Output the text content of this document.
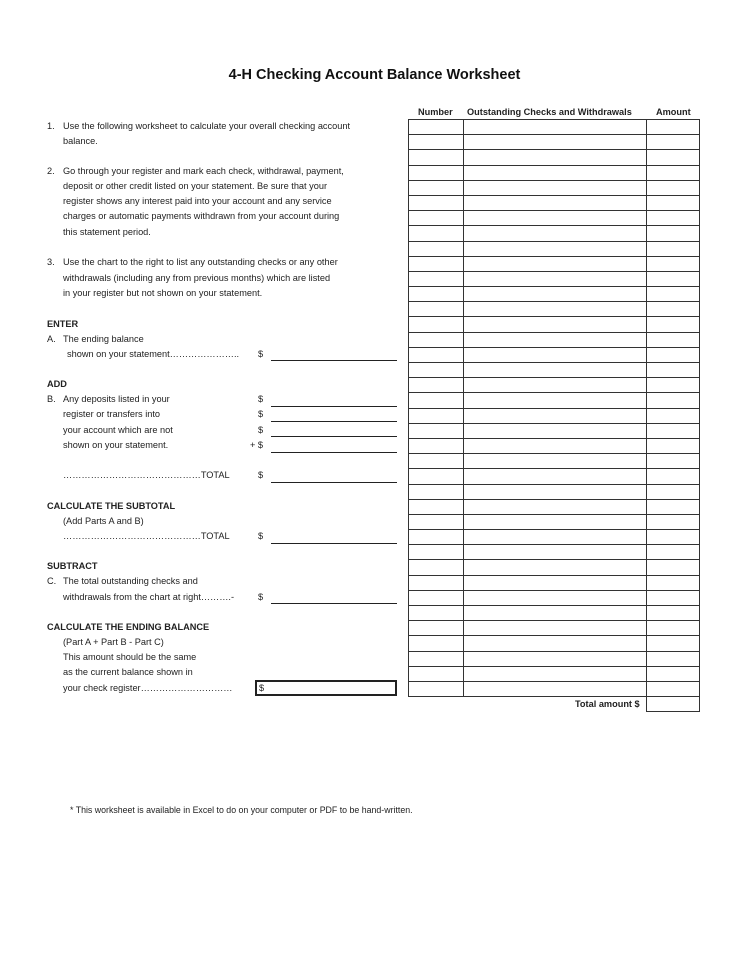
4-H Checking Account Balance Worksheet
1. Use the following worksheet to calculate your overall checking account
balance.
2. Go through your register and mark each check, withdrawal, payment,
deposit or other credit listed on your statement. Be sure that your
register shows any interest paid into your account and any service
charges or automatic payments withdrawn from your account during
this statement period.
3. Use the chart to the right to list any outstanding checks or any other
withdrawals (including any from previous months) which are listed
in your register but not shown on your statement.
ENTER
A. The ending balance
shown on your statement………………….. $
ADD
B. Any deposits listed in your
register or transfers into
your account which are not
shown on your statement.
$
$
$
+ $
………………………………………TOTAL	$
CALCULATE THE SUBTOTAL
(Add Parts A and B)
………………………………………TOTAL	$
SUBTRACT
C. The total outstanding checks and
withdrawals from the chart at right……….-	$
CALCULATE THE ENDING BALANCE
(Part A + Part B - Part C)
This amount should be the same
as the current balance shown in
your check register…………………………	$
Number Outstanding Checks and Withdrawals	Amount
Total amount $
* This worksheet is available in Excel to do on your computer or PDF to be hand-written.
